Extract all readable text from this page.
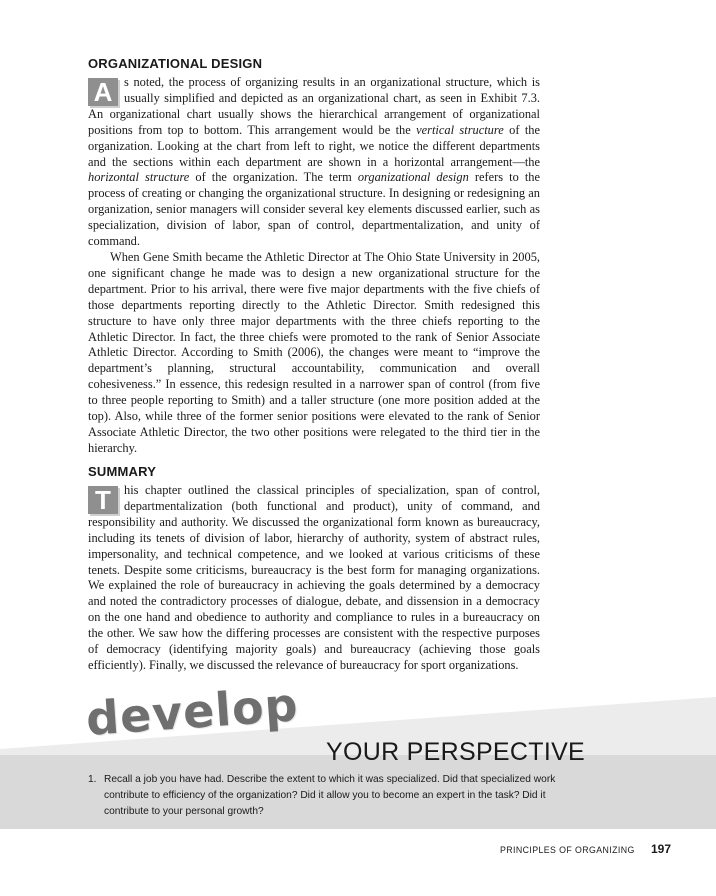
ORGANIZATIONAL DESIGN

A s noted, the process of organizing results in an organizational structure, which is usually simplified and depicted as an organizational chart, as seen in Exhibit 7.3. An organizational chart usually shows the hierarchical arrangement of organizational positions from top to bottom. This arrangement would be the vertical structure of the organization. Looking at the chart from left to right, we notice the different departments and the sections within each department are shown in a horizontal arrangement—the horizontal structure of the organization. The term organizational design refers to the process of creating or changing the organizational structure. In designing or redesigning an organization, senior managers will consider several key elements discussed earlier, such as specialization, division of labor, span of control, departmentalization, and unity of command.

When Gene Smith became the Athletic Director at The Ohio State University in 2005, one significant change he made was to design a new organizational structure for the department. Prior to his arrival, there were five major departments with the five chiefs of those departments reporting directly to the Athletic Director. Smith redesigned this structure to have only three major departments with the three chiefs reporting to the Athletic Director. In fact, the three chiefs were promoted to the rank of Senior Associate Athletic Director. According to Smith (2006), the changes were meant to “improve the department’s planning, structural accountability, communication and overall cohesiveness.” In essence, this redesign resulted in a narrower span of control (from five to three people reporting to Smith) and a taller structure (one more position added at the top). Also, while three of the former senior positions were elevated to the rank of Senior Associate Athletic Director, the two other positions were relegated to the third tier in the hierarchy.

SUMMARY

T	his chapter outlined the classical principles of specialization, span of control, departmentalization (both functional and product), unity of command, and responsibility and authority. We discussed the organizational form known as bureaucracy, including its tenets of division of labor, hierarchy of authority, system of abstract rules, impersonality, and technical competence, and we looked at various criticisms of these tenets. Despite some criticisms, bureaucracy is the best form for managing organizations. We explained the role of bureaucracy in achieving the goals determined by a democracy and noted the contradictory processes of dialogue, debate, and dissension in a democracy on the one hand and obedience to authority and compliance to rules in a bureaucracy on the other. We saw how the differing processes are consistent with the respective purposes of democracy (identifying majority goals) and bureaucracy (achieving those goals efficiently). Finally, we discussed the relevance of bureaucracy for sport organizations.

develop
YOUR PERSPECTIVE
1. Recall a job you have had. Describe the extent to which it was specialized. Did that specialized work contribute to efficiency of the organization? Did it allow you to become an expert in the task? Did it contribute to your personal growth?
PRINCIPLES OF ORGANIZING 197
